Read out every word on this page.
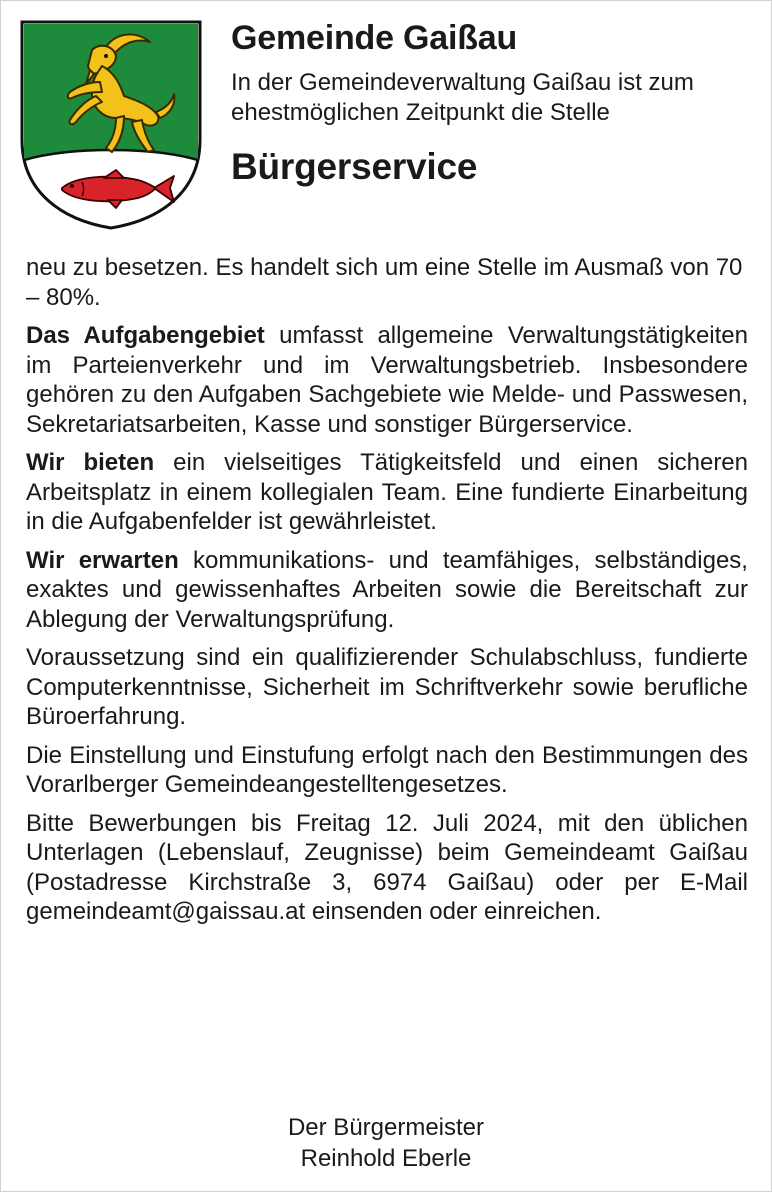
Gemeinde Gaißau

In der Gemeindeverwaltung Gaißau ist zum ehestmöglichen Zeitpunkt die Stelle

Bürgerservice

neu zu besetzen. Es handelt sich um eine Stelle im Ausmaß von 70 – 80%.

Das Aufgabengebiet umfasst allgemeine Verwaltungstätigkeiten im Parteienverkehr und im Verwaltungsbetrieb. Insbesondere gehören zu den Aufgaben Sachgebiete wie Melde- und Passwesen, Sekretariatsarbeiten, Kasse und sonstiger Bürgerservice.

Wir bieten ein vielseitiges Tätigkeitsfeld und einen sicheren Arbeitsplatz in einem kollegialen Team. Eine fundierte Einarbeitung in die Aufgabenfelder ist gewährleistet.

Wir erwarten kommunikations- und teamfähiges, selbständiges, exaktes und gewissenhaftes Arbeiten sowie die Bereitschaft zur Ablegung der Verwaltungsprüfung.

Voraussetzung sind ein qualifizierender Schulabschluss, fundierte Computerkenntnisse, Sicherheit im Schriftverkehr sowie berufliche Büroerfahrung.

Die Einstellung und Einstufung erfolgt nach den Bestimmungen des Vorarlberger Gemeindeangestelltengesetzes.

Bitte Bewerbungen bis Freitag 12. Juli 2024, mit den üblichen Unterlagen (Lebenslauf, Zeugnisse) beim Gemeindeamt Gaißau (Postadresse Kirchstraße 3, 6974 Gaißau) oder per E-Mail gemeindeamt@gaissau.at einsenden oder einreichen.

Der Bürgermeister
Reinhold Eberle
